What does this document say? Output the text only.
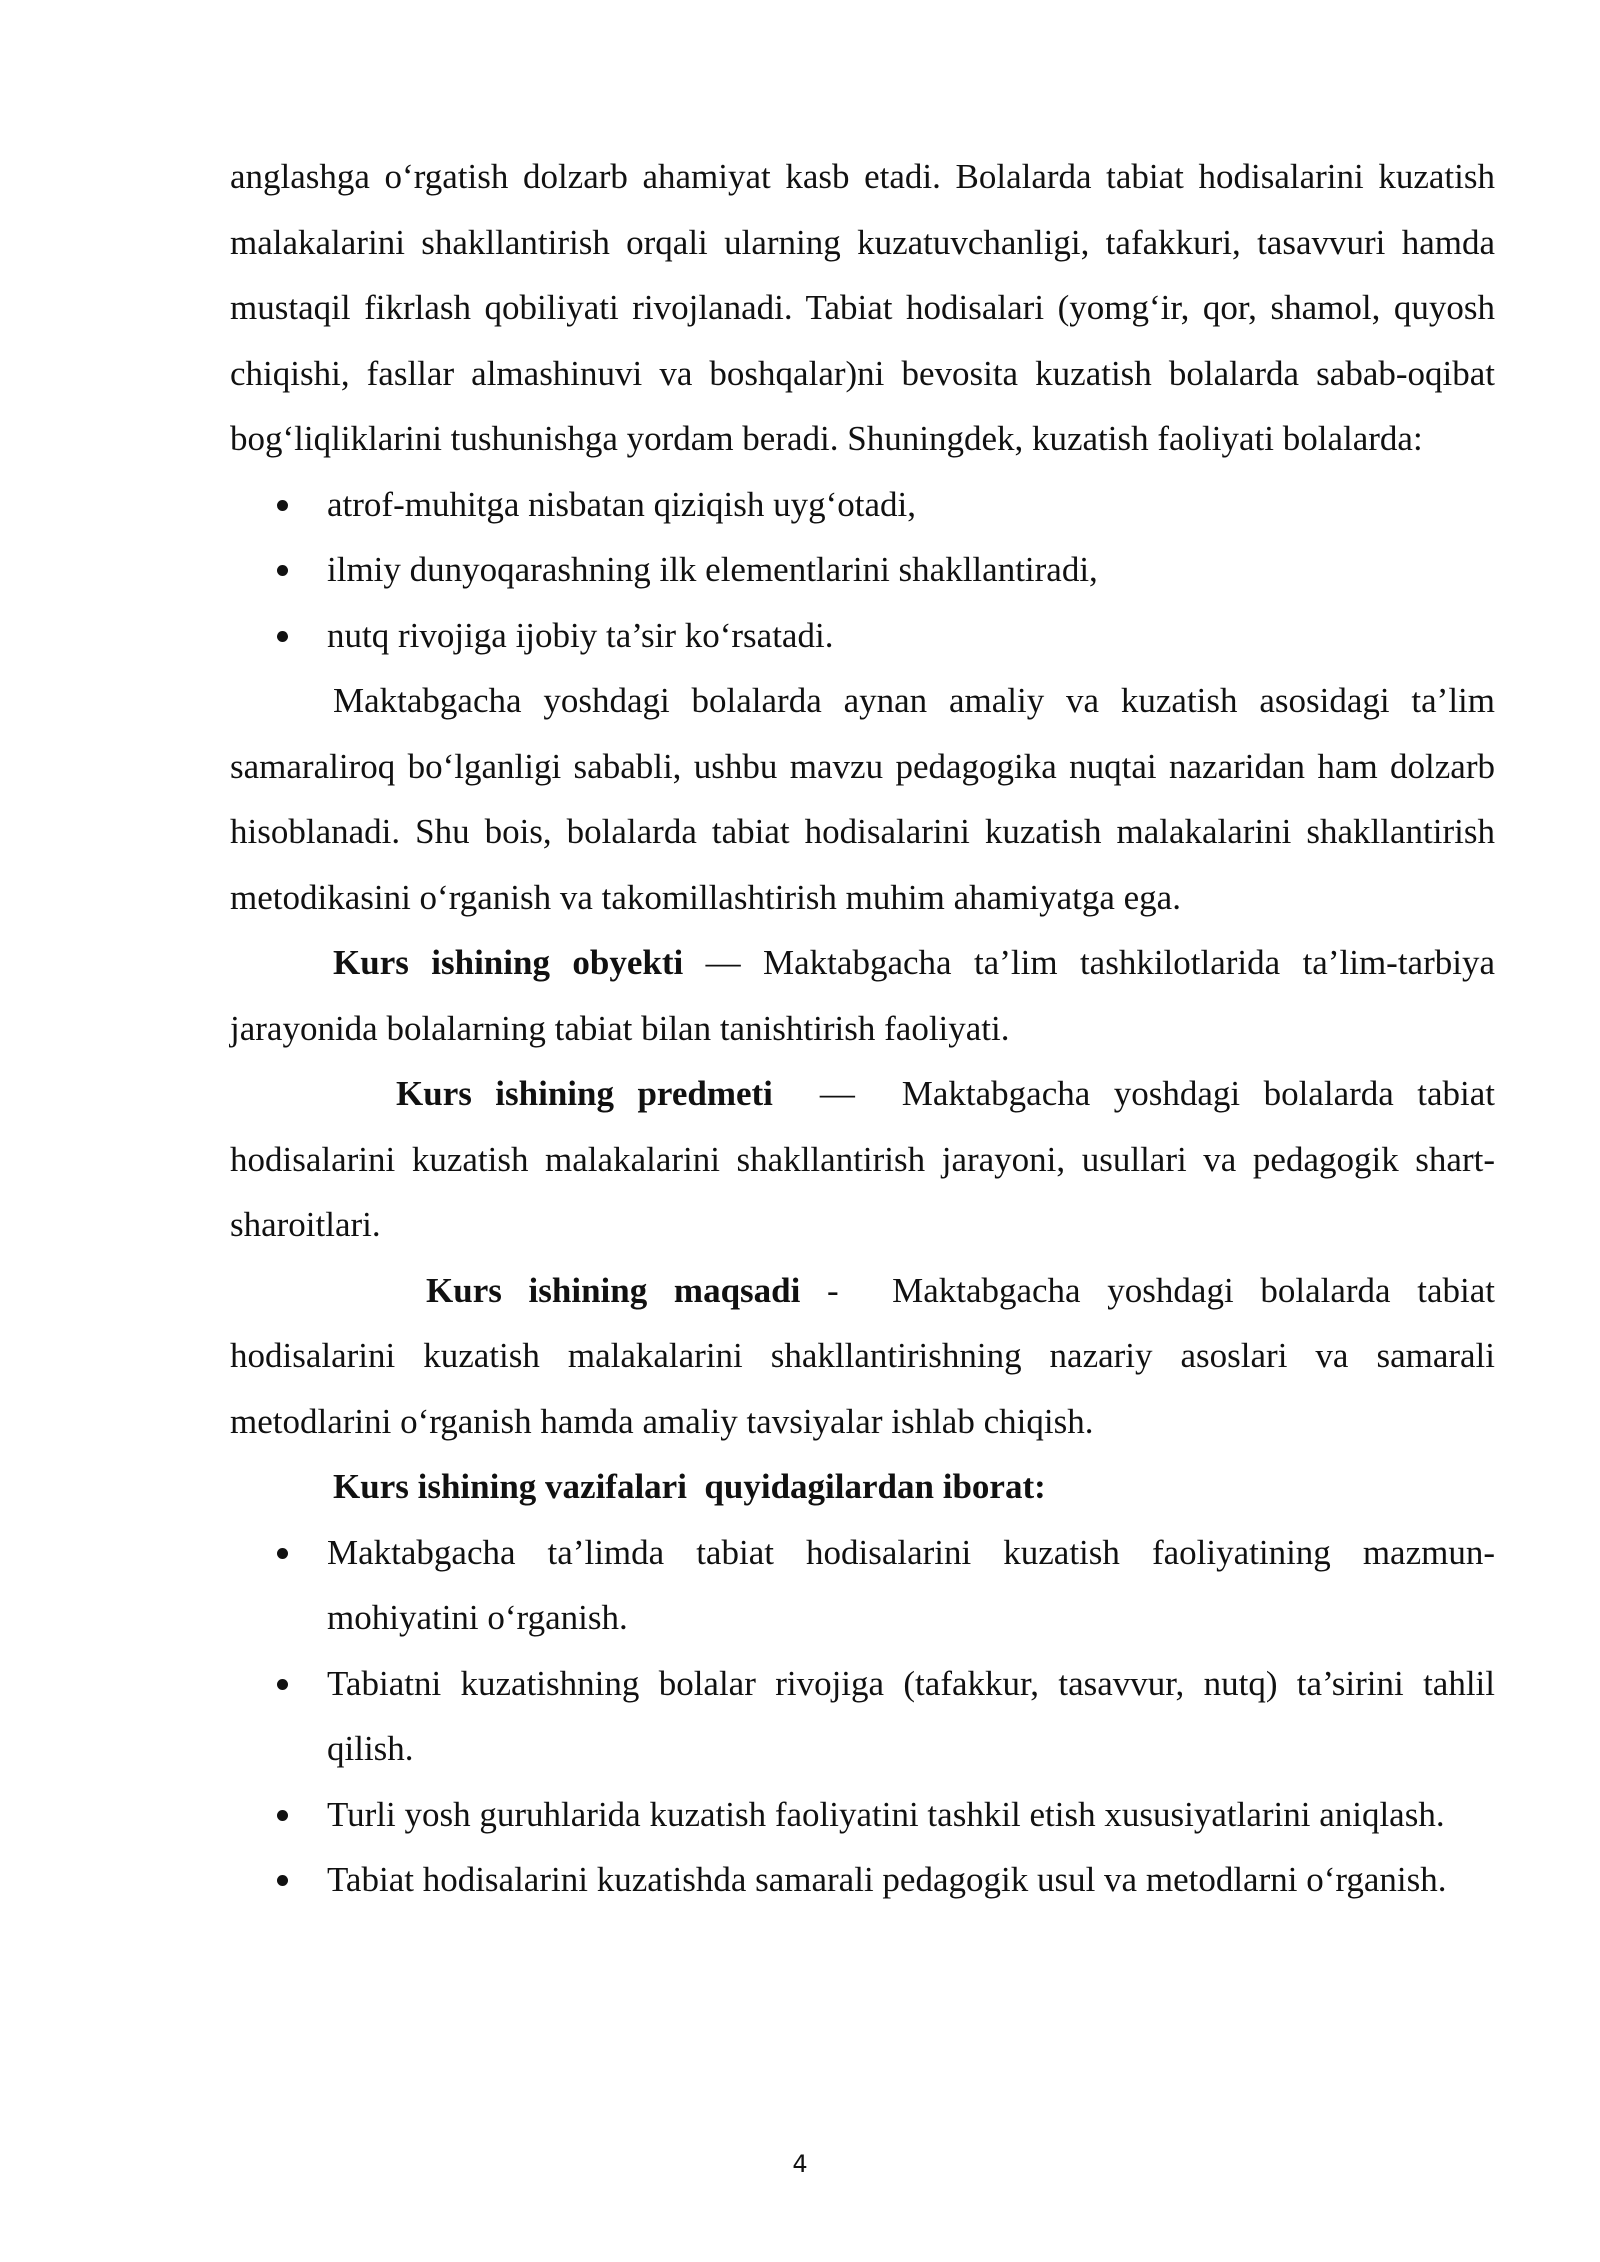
anglashga o‘rgatish dolzarb ahamiyat kasb etadi. Bolalarda tabiat hodisalarini kuzatish malakalarini shakllantirish orqali ularning kuzatuvchanligi, tafakkuri, tasavvuri hamda mustaqil fikrlash qobiliyati rivojlanadi. Tabiat hodisalari (yomg‘ir, qor, shamol, quyosh chiqishi, fasllar almashinuvi va boshqalar)ni bevosita kuzatish bolalarda sabab-oqibat bog‘liqliklarini tushunishga yordam beradi. Shuningdek, kuzatish faoliyati bolalarda:

atrof-muhitga nisbatan qiziqish uyg‘otadi,
ilmiy dunyoqarashning ilk elementlarini shakllantiradi,
nutq rivojiga ijobiy ta’sir ko‘rsatadi.

Maktabgacha yoshdagi bolalarda aynan amaliy va kuzatish asosidagi ta’lim samaraliroq bo‘lganligi sababli, ushbu mavzu pedagogika nuqtai nazaridan ham dolzarb hisoblanadi. Shu bois, bolalarda tabiat hodisalarini kuzatish malakalarini shakllantirish metodikasini o‘rganish va takomillashtirish muhim ahamiyatga ega.

Kurs ishining obyekti — Maktabgacha ta’lim tashkilotlarida ta’lim-tarbiya jarayonida bolalarning tabiat bilan tanishtirish faoliyati.

Kurs ishining predmeti  —  Maktabgacha yoshdagi bolalarda tabiat hodisalarini kuzatish malakalarini shakllantirish jarayoni, usullari va pedagogik shart-sharoitlari.

Kurs ishining maqsadi -  Maktabgacha yoshdagi bolalarda tabiat hodisalarini kuzatish malakalarini shakllantirishning nazariy asoslari va samarali metodlarini o‘rganish hamda amaliy tavsiyalar ishlab chiqish.

Kurs ishining vazifalari  quyidagilardan iborat:

Maktabgacha ta’limda tabiat hodisalarini kuzatish faoliyatining mazmun-mohiyatini o‘rganish.
Tabiatni kuzatishning bolalar rivojiga (tafakkur, tasavvur, nutq) ta’sirini tahlil qilish.
Turli yosh guruhlarida kuzatish faoliyatini tashkil etish xususiyatlarini aniqlash.
Tabiat hodisalarini kuzatishda samarali pedagogik usul va metodlarni o‘rganish.
4
